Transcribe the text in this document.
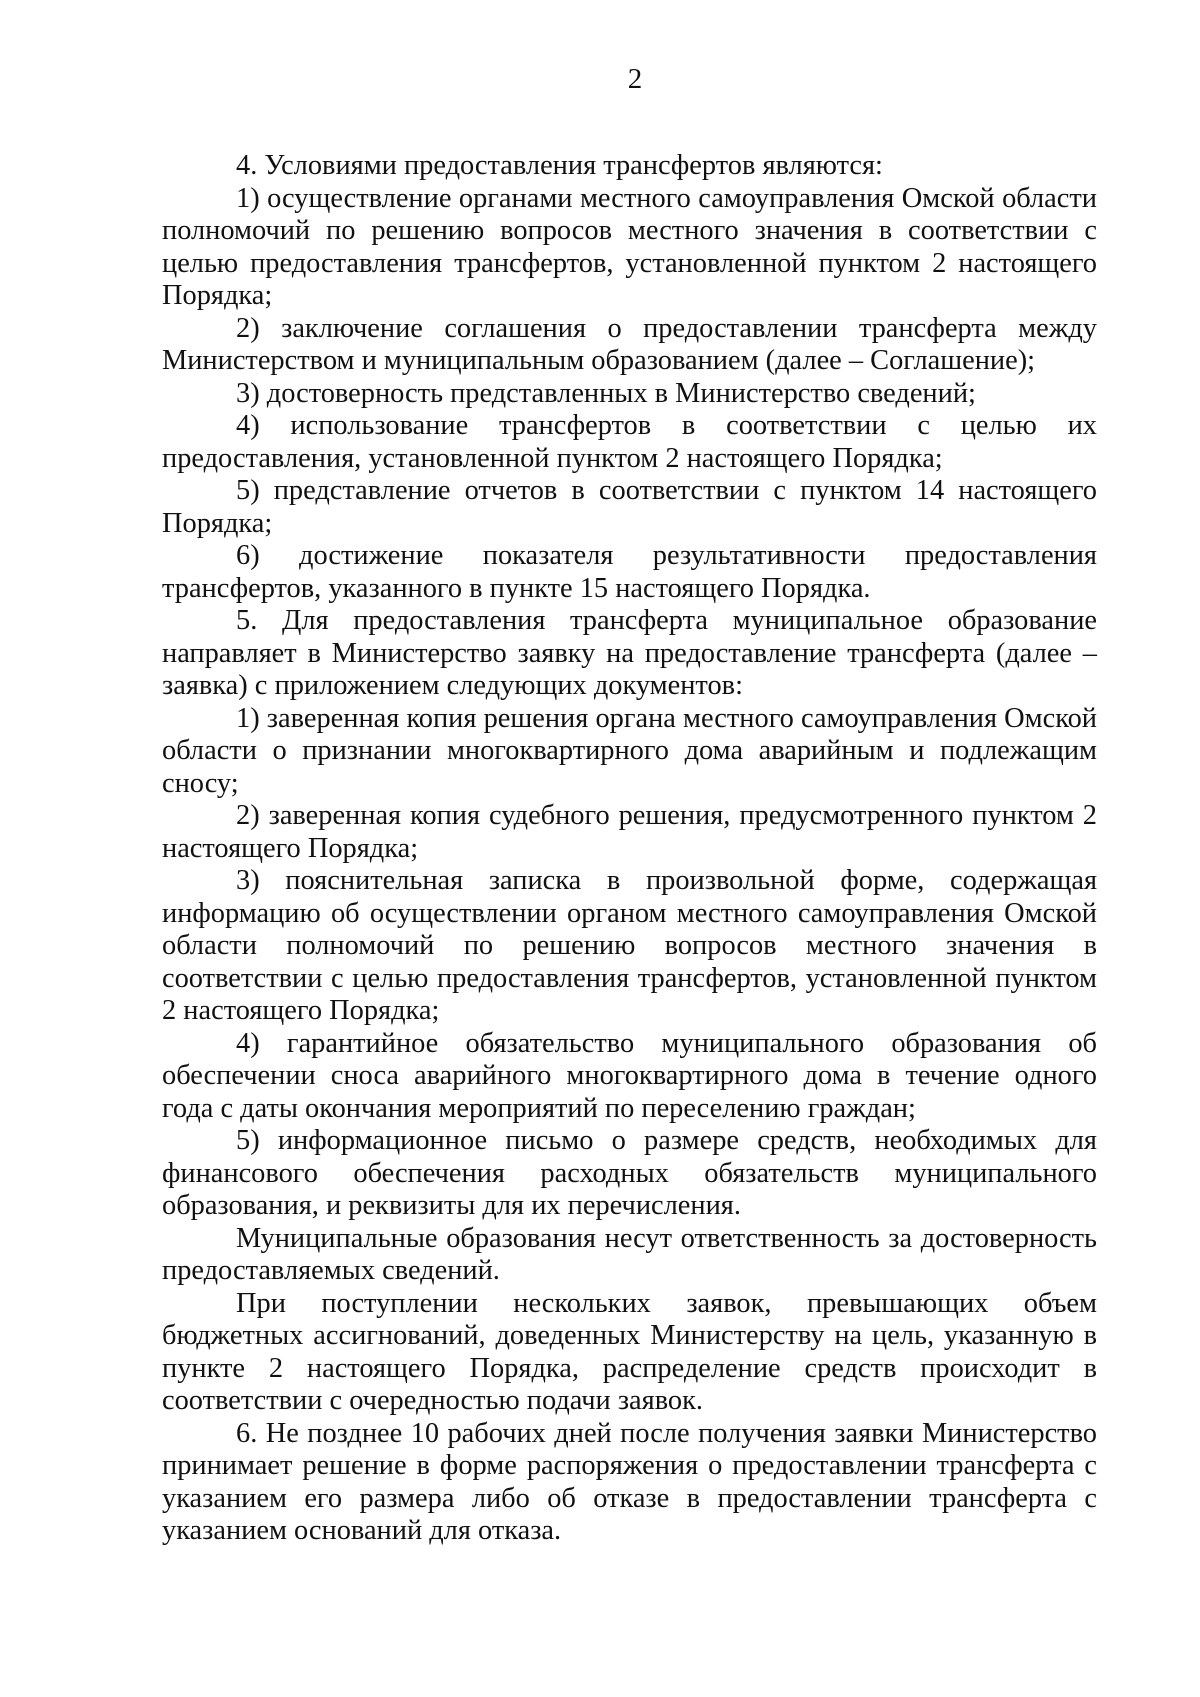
2

4. Условиями предоставления трансфертов являются:

1) осуществление органами местного самоуправления Омской области полномочий по решению вопросов местного значения в соответствии с целью предоставления трансфертов, установленной пунктом 2 настоящего Порядка;

2) заключение соглашения о предоставлении трансферта между Министерством и муниципальным образованием (далее – Соглашение);

3) достоверность представленных в Министерство сведений;

4) использование трансфертов в соответствии с целью их предоставления, установленной пунктом 2 настоящего Порядка;

5) представление отчетов в соответствии с пунктом 14 настоящего Порядка;

6) достижение показателя результативности предоставления трансфертов, указанного в пункте 15 настоящего Порядка.

5. Для предоставления трансферта муниципальное образование направляет в Министерство заявку на предоставление трансферта (далее – заявка) с приложением следующих документов:

1) заверенная копия решения органа местного самоуправления Омской области о признании многоквартирного дома аварийным и подлежащим сносу;

2) заверенная копия судебного решения, предусмотренного пунктом 2 настоящего Порядка;

3) пояснительная записка в произвольной форме, содержащая информацию об осуществлении органом местного самоуправления Омской области полномочий по решению вопросов местного значения в соответствии с целью предоставления трансфертов, установленной пунктом 2 настоящего Порядка;

4) гарантийное обязательство муниципального образования об обеспечении сноса аварийного многоквартирного дома в течение одного года с даты окончания мероприятий по переселению граждан;

5) информационное письмо о размере средств, необходимых для финансового обеспечения расходных обязательств муниципального образования, и реквизиты для их перечисления.

Муниципальные образования несут ответственность за достоверность предоставляемых сведений.

При поступлении нескольких заявок, превышающих объем бюджетных ассигнований, доведенных Министерству на цель, указанную в пункте 2 настоящего Порядка, распределение средств происходит в соответствии с очередностью подачи заявок.

6. Не позднее 10 рабочих дней после получения заявки Министерство принимает решение в форме распоряжения о предоставлении трансферта с указанием его размера либо об отказе в предоставлении трансферта с указанием оснований для отказа.
